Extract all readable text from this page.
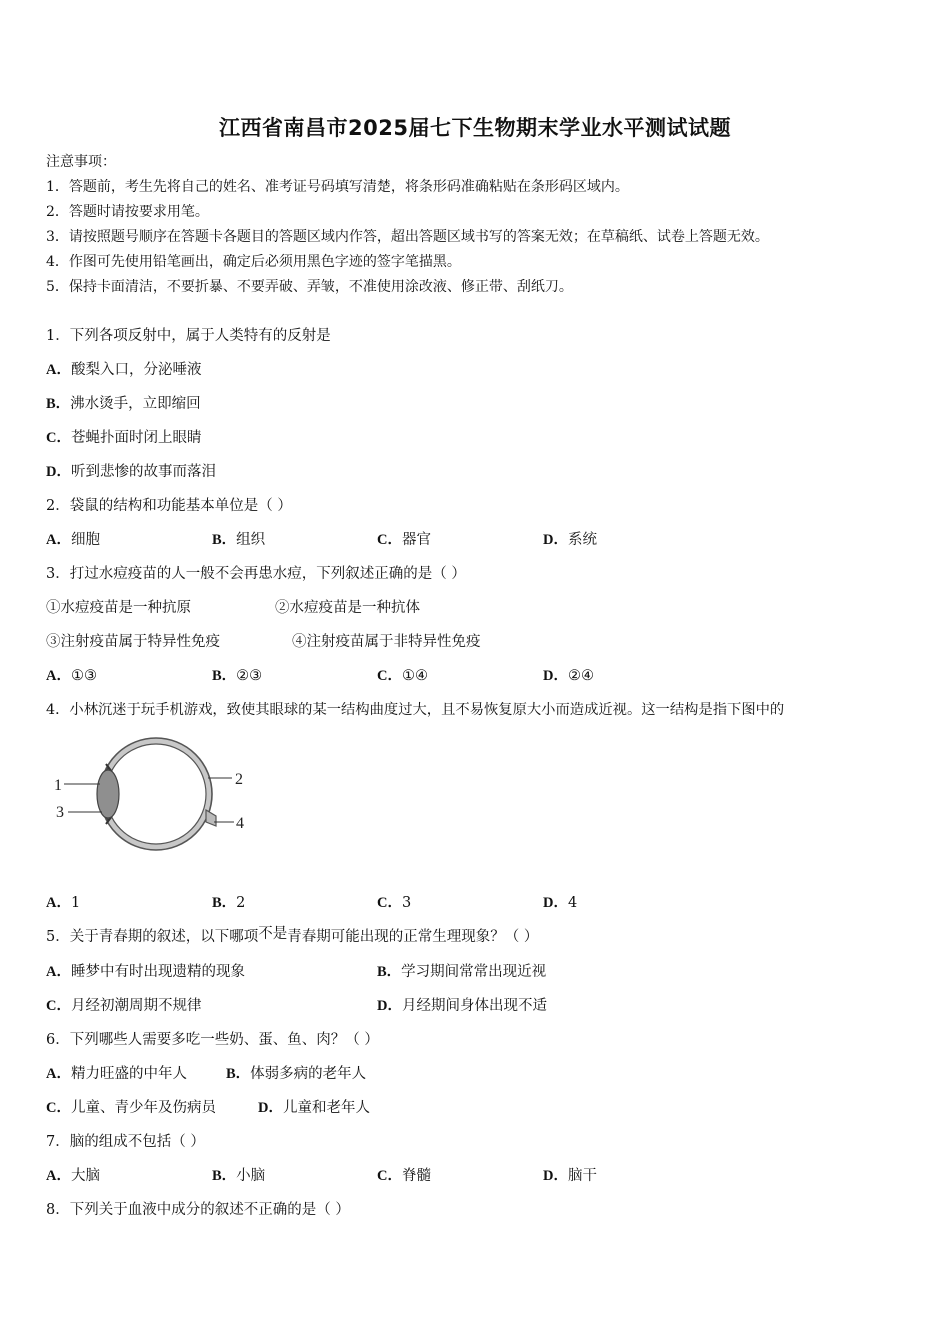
江西省南昌市2025届七下生物期末学业水平测试试题
注意事项：
1．答题前，考生先将自己的姓名、准考证号码填写清楚，将条形码准确粘贴在条形码区域内。
2．答题时请按要求用笔。
3．请按照题号顺序在答题卡各题目的答题区域内作答，超出答题区域书写的答案无效；在草稿纸、试卷上答题无效。
4．作图可先使用铅笔画出，确定后必须用黑色字迹的签字笔描黑。
5．保持卡面清洁，不要折暴、不要弄破、弄皱，不准使用涂改液、修正带、刮纸刀。
1．下列各项反射中，属于人类特有的反射是
A．酸梨入口，分泌唾液
B．沸水烫手，立即缩回
C．苍蝇扑面时闭上眼睛
D．听到悲惨的故事而落泪
2．袋鼠的结构和功能基本单位是（ ）
A．细胞	B．组织	C．器官	D．系统
3．打过水痘疫苗的人一般不会再患水痘，下列叙述正确的是（ ）
①水痘疫苗是一种抗原	②水痘疫苗是一种抗体
③注射疫苗属于特异性免疫	④注射疫苗属于非特异性免疫
A．①③	B．②③	C．①④	D．②④
4．小林沉迷于玩手机游戏，致使其眼球的某一结构曲度过大，且不易恢复原大小而造成近视。这一结构是指下图中的
1	2
3
4
A．1	B．2	C．3	D．4
5．关于青春期的叙述，以下哪项不是青春期可能出现的正常生理现象？（ ）
A．睡梦中有时出现遗精的现象	B．学习期间常常出现近视
C．月经初潮周期不规律	D．月经期间身体出现不适
6．下列哪些人需要多吃一些奶、蛋、鱼、肉？（ ）
A．精力旺盛的中年人	B．体弱多病的老年人
C．儿童、青少年及伤病员	D．儿童和老年人
7．脑的组成不包括（ ）
A．大脑	B．小脑	C．脊髓	D．脑干
8．下列关于血液中成分的叙述不正确的是（ ）
